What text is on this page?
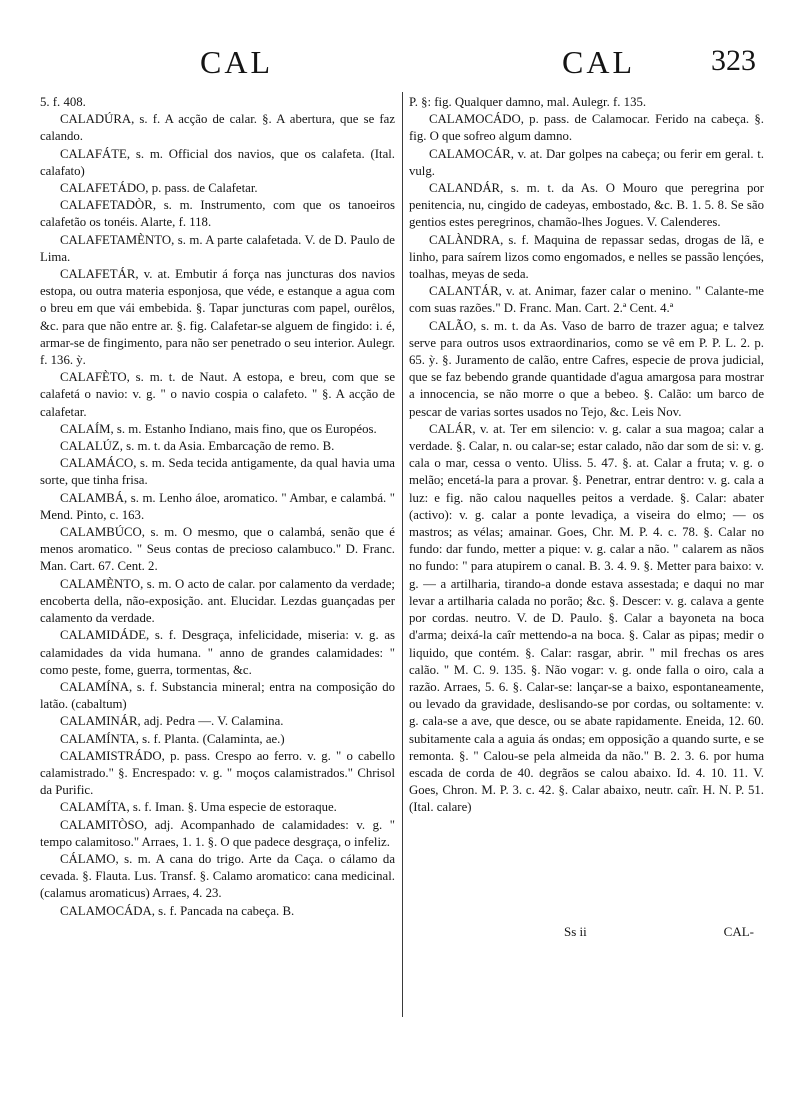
CAL	CAL	323

5. f. 408.

CALADÚRA, s. f. A acção de calar. §. A abertura, que se faz calando.

CALAFÁTE, s. m. Official dos navios, que os calafeta. (Ital. calafato)

CALAFETÁDO, p. pass. de Calafetar.

CALAFETADÒR, s. m. Instrumento, com que os tanoeiros calafetão os tonéis. Alarte, f. 118.

CALAFETAMÈNTO, s. m. A parte calafetada. V. de D. Paulo de Lima.

CALAFETÁR, v. at. Embutir á força nas juncturas dos navios estopa, ou outra materia esponjosa, que véde, e estanque a agua com o breu em que vái embebida. §. Tapar juncturas com papel, ourêlos, &c. para que não entre ar. §. fig. Calafetar-se alguem de fingido: i. é, armar-se de fingimento, para não ser penetrado o seu interior. Aulegr. f. 136. ỳ.

CALAFÈTO, s. m. t. de Naut. A estopa, e breu, com que se calafetá o navio: v. g. " o navio cospia o calafeto. " §. A acção de calafetar.

CALAÍM, s. m. Estanho Indiano, mais fino, que os Européos.

CALALÚZ, s. m. t. da Asia. Embarcação de remo. B.

CALAMÁCO, s. m. Seda tecida antigamente, da qual havia uma sorte, que tinha frisa.

CALAMBÁ, s. m. Lenho áloe, aromatico. " Ambar, e calambá. " Mend. Pinto, c. 163.

CALAMBÚCO, s. m. O mesmo, que o calambá, senão que é menos aromatico. " Seus contas de precioso calambuco." D. Franc. Man. Cart. 67. Cent. 2.

CALAMÈNTO, s. m. O acto de calar. por calamento da verdade; encoberta della, não-exposição. ant. Elucidar. Lezdas guançadas per calamento da verdade.

CALAMIDÁDE, s. f. Desgraça, infelicidade, miseria: v. g. as calamidades da vida humana. " anno de grandes calamidades: " como peste, fome, guerra, tormentas, &c.

CALAMÍNA, s. f. Substancia mineral; entra na composição do latão. (cabaltum)

CALAMINÁR, adj. Pedra —. V. Calamina.

CALAMÍNTA, s. f. Planta. (Calaminta, ae.)

CALAMISTRÁDO, p. pass. Crespo ao ferro. v. g. " o cabello calamistrado." §. Encrespado: v. g. " moços calamistrados." Chrisol da Purific.

CALAMÍTA, s. f. Iman. §. Uma especie de estoraque.

CALAMITÒSO, adj. Acompanhado de calamidades: v. g. " tempo calamitoso." Arraes, 1. 1. §. O que padece desgraça, o infeliz.

CÁLAMO, s. m. A cana do trigo. Arte da Caça. o cálamo da cevada. §. Flauta. Lus. Transf. §. Calamo aromatico: cana medicinal. (calamus aromaticus) Arraes, 4. 23.

CALAMOCÁDA, s. f. Pancada na cabeça. B.

P. §: fig. Qualquer damno, mal. Aulegr. f. 135.

CALAMOCÁDO, p. pass. de Calamocar. Ferido na cabeça. §. fig. O que sofreo algum damno.

CALAMOCÁR, v. at. Dar golpes na cabeça; ou ferir em geral. t. vulg.

CALANDÁR, s. m. t. da As. O Mouro que peregrina por penitencia, nu, cingido de cadeyas, embostado, &c. B. 1. 5. 8. Se são gentios estes peregrinos, chamão-lhes Jogues. V. Calenderes.

CALÀNDRA, s. f. Maquina de repassar sedas, drogas de lã, e linho, para saírem lizos como engomados, e nelles se passão lençóes, toalhas, meyas de seda.

CALANTÁR, v. at. Animar, fazer calar o menino. " Calante-me com suas razões." D. Franc. Man. Cart. 2.ª Cent. 4.ª

CALÃO, s. m. t. da As. Vaso de barro de trazer agua; e talvez serve para outros usos extraordinarios, como se vê em P. P. L. 2. p. 65. ỳ. §. Juramento de calão, entre Cafres, especie de prova judicial, que se faz bebendo grande quantidade d'agua amargosa para mostrar a innocencia, se não morre o que a bebeo. §. Calão: um barco de pescar de varias sortes usados no Tejo, &c. Leis Nov.

CALÁR, v. at. Ter em silencio: v. g. calar a sua magoa; calar a verdade. §. Calar, n. ou calar-se; estar calado, não dar som de si: v. g. cala o mar, cessa o vento. Uliss. 5. 47. §. at. Calar a fruta; v. g. o melão; encetá-la para a provar. §. Penetrar, entrar dentro: v. g. cala a luz: e fig. não calou naquelles peitos a verdade. §. Calar: abater (activo): v. g. calar a ponte levadiça, a viseira do elmo; — os mastros; as vélas; amainar. Goes, Chr. M. P. 4. c. 78. §. Calar no fundo: dar fundo, metter a pique: v. g. calar a não. " calarem as nãos no fundo: " para atupirem o canal. B. 3. 4. 9. §. Metter para baixo: v. g. — a artilharia, tirando-a donde estava assestada; e daqui no mar levar a artilharia calada no porão; &c. §. Descer: v. g. calava a gente por cordas. neutro. V. de D. Paulo. §. Calar a bayoneta na boca d'arma; deixá-la caîr mettendo-a na boca. §. Calar as pipas; medir o liquido, que contém. §. Calar: rasgar, abrir. " mil frechas os ares calão. " M. C. 9. 135. §. Não vogar: v. g. onde falla o oiro, cala a razão. Arraes, 5. 6. §. Calar-se: lançar-se a baixo, espontaneamente, ou levado da gravidade, deslisando-se por cordas, ou soltamente: v. g. cala-se a ave, que desce, ou se abate rapidamente. Eneida, 12. 60. subitamente cala a aguia ás ondas; em opposição a quando surte, e se remonta. §. " Calou-se pela almeida da não." B. 2. 3. 6. por huma escada de corda de 40. degrãos se calou abaixo. Id. 4. 10. 11. V. Goes, Chron. M. P. 3. c. 42. §. Calar abaixo, neutr. caîr. H. N. P. 51. (Ital. calare)

Ss ii	CAL-
